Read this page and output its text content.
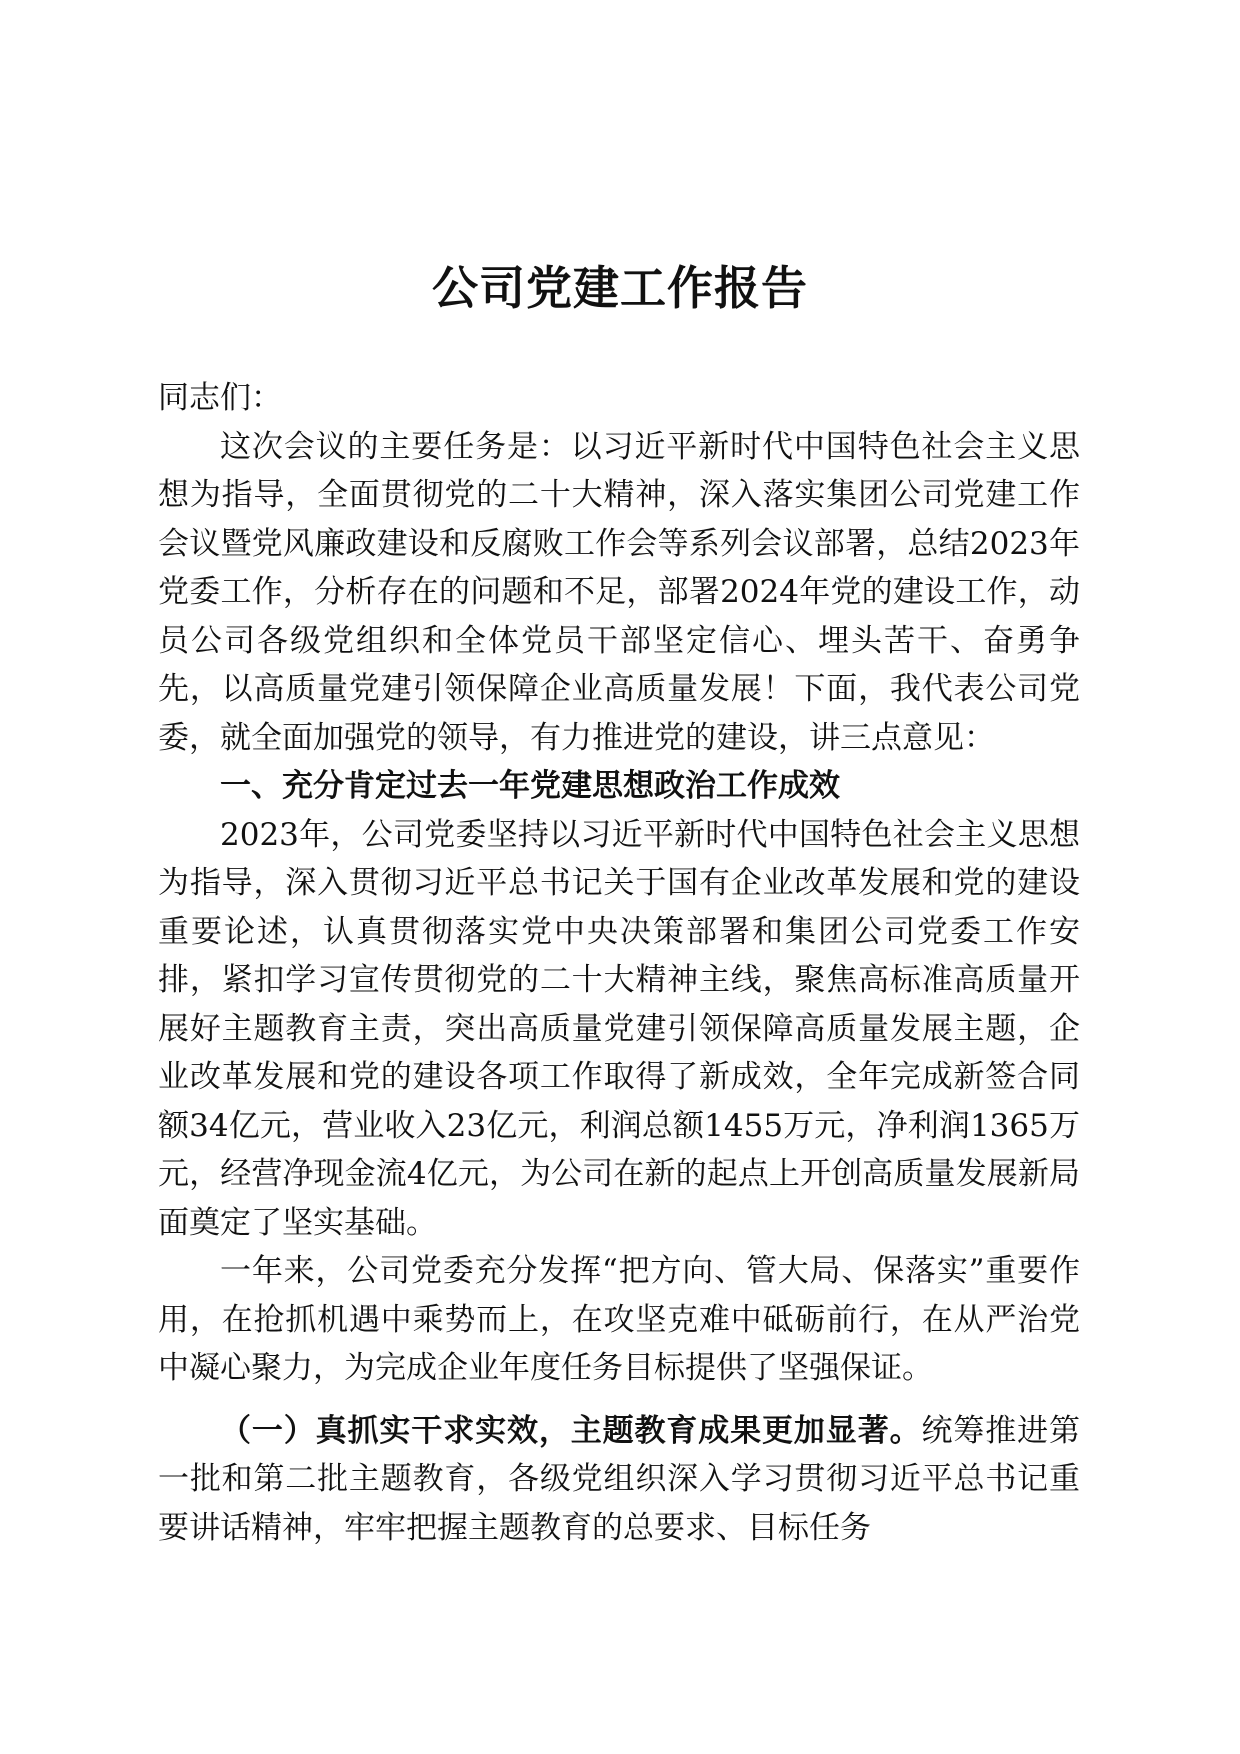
公司党建工作报告

同志们：

这次会议的主要任务是：以习近平新时代中国特色社会主义思想为指导，全面贯彻党的二十大精神，深入落实集团公司党建工作会议暨党风廉政建设和反腐败工作会等系列会议部署，总结2023年党委工作，分析存在的问题和不足，部署2024年党的建设工作，动员公司各级党组织和全体党员干部坚定信心、埋头苦干、奋勇争先，以高质量党建引领保障企业高质量发展！下面，我代表公司党委，就全面加强党的领导，有力推进党的建设，讲三点意见：

一、充分肯定过去一年党建思想政治工作成效

2023年，公司党委坚持以习近平新时代中国特色社会主义思想为指导，深入贯彻习近平总书记关于国有企业改革发展和党的建设重要论述，认真贯彻落实党中央决策部署和集团公司党委工作安排，紧扣学习宣传贯彻党的二十大精神主线，聚焦高标准高质量开展好主题教育主责，突出高质量党建引领保障高质量发展主题，企业改革发展和党的建设各项工作取得了新成效，全年完成新签合同额34亿元，营业收入23亿元，利润总额1455万元，净利润1365万元，经营净现金流4亿元，为公司在新的起点上开创高质量发展新局面奠定了坚实基础。

一年来，公司党委充分发挥“把方向、管大局、保落实”重要作用，在抢抓机遇中乘势而上，在攻坚克难中砥砺前行，在从严治党中凝心聚力，为完成企业年度任务目标提供了坚强保证。

（一）真抓实干求实效，主题教育成果更加显著。统筹推进第一批和第二批主题教育，各级党组织深入学习贯彻习近平总书记重要讲话精神，牢牢把握主题教育的总要求、目标任务
